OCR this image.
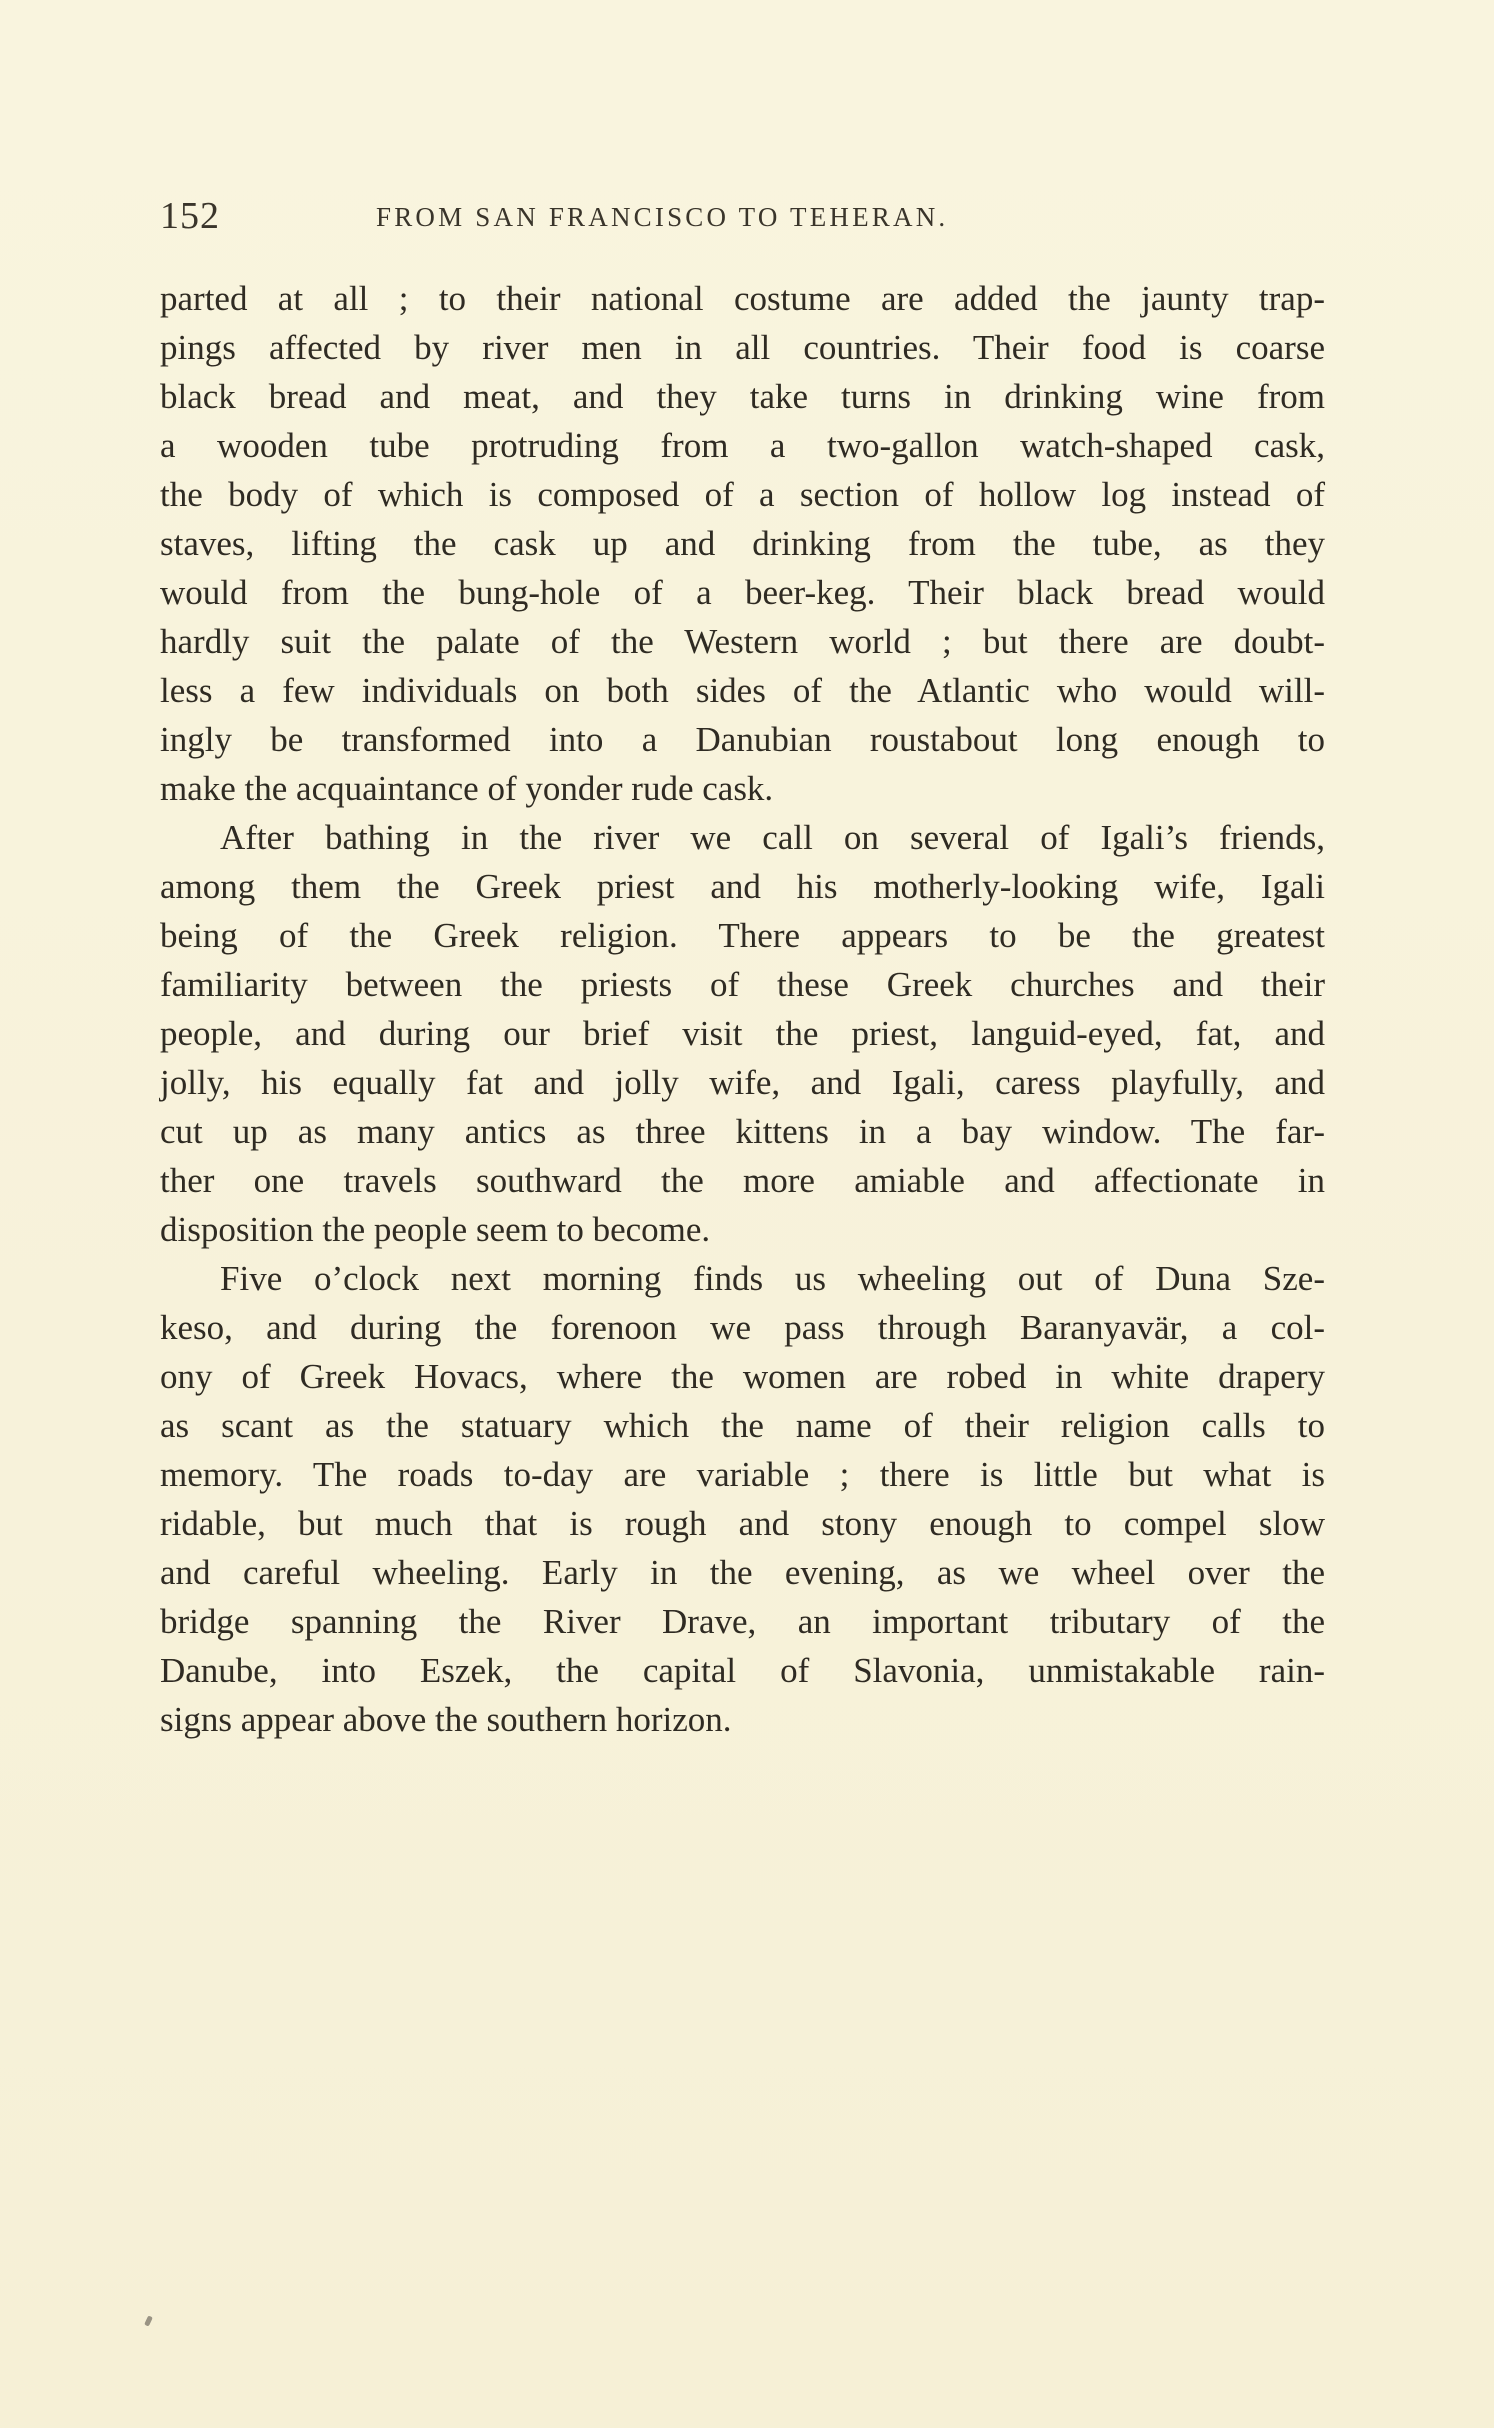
152	FROM SAN FRANCISCO TO TEHERAN.
parted at all ; to their national costume are added the jaunty trap-
pings affected by river men in all countries. Their food is coarse
black bread and meat, and they take turns in drinking wine from
a wooden tube protruding from a two-gallon watch-shaped cask,
the body of which is composed of a section of hollow log instead of
staves, lifting the cask up and drinking from the tube, as they
would from the bung-hole of a beer-keg. Their black bread would
hardly suit the palate of the Western world ; but there are doubt-
less a few individuals on both sides of the Atlantic who would will-
ingly be transformed into a Danubian roustabout long enough to
make the acquaintance of yonder rude cask.
After bathing in the river we call on several of Igali’s friends,
among them the Greek priest and his motherly-looking wife, Igali
being of the Greek religion. There appears to be the greatest
familiarity between the priests of these Greek churches and their
people, and during our brief visit the priest, languid-eyed, fat, and
jolly, his equally fat and jolly wife, and Igali, caress playfully, and
cut up as many antics as three kittens in a bay window. The far-
ther one travels southward the more amiable and affectionate in
disposition the people seem to become.
Five o’clock next morning finds us wheeling out of Duna Sze-
keso, and during the forenoon we pass through Baranyavär, a col-
ony of Greek Hovacs, where the women are robed in white drapery
as scant as the statuary which the name of their religion calls to
memory. The roads to-day are variable ; there is little but what is
ridable, but much that is rough and stony enough to compel slow
and careful wheeling. Early in the evening, as we wheel over the
bridge spanning the River Drave, an important tributary of the
Danube, into Eszek, the capital of Slavonia, unmistakable rain-
signs appear above the southern horizon.
